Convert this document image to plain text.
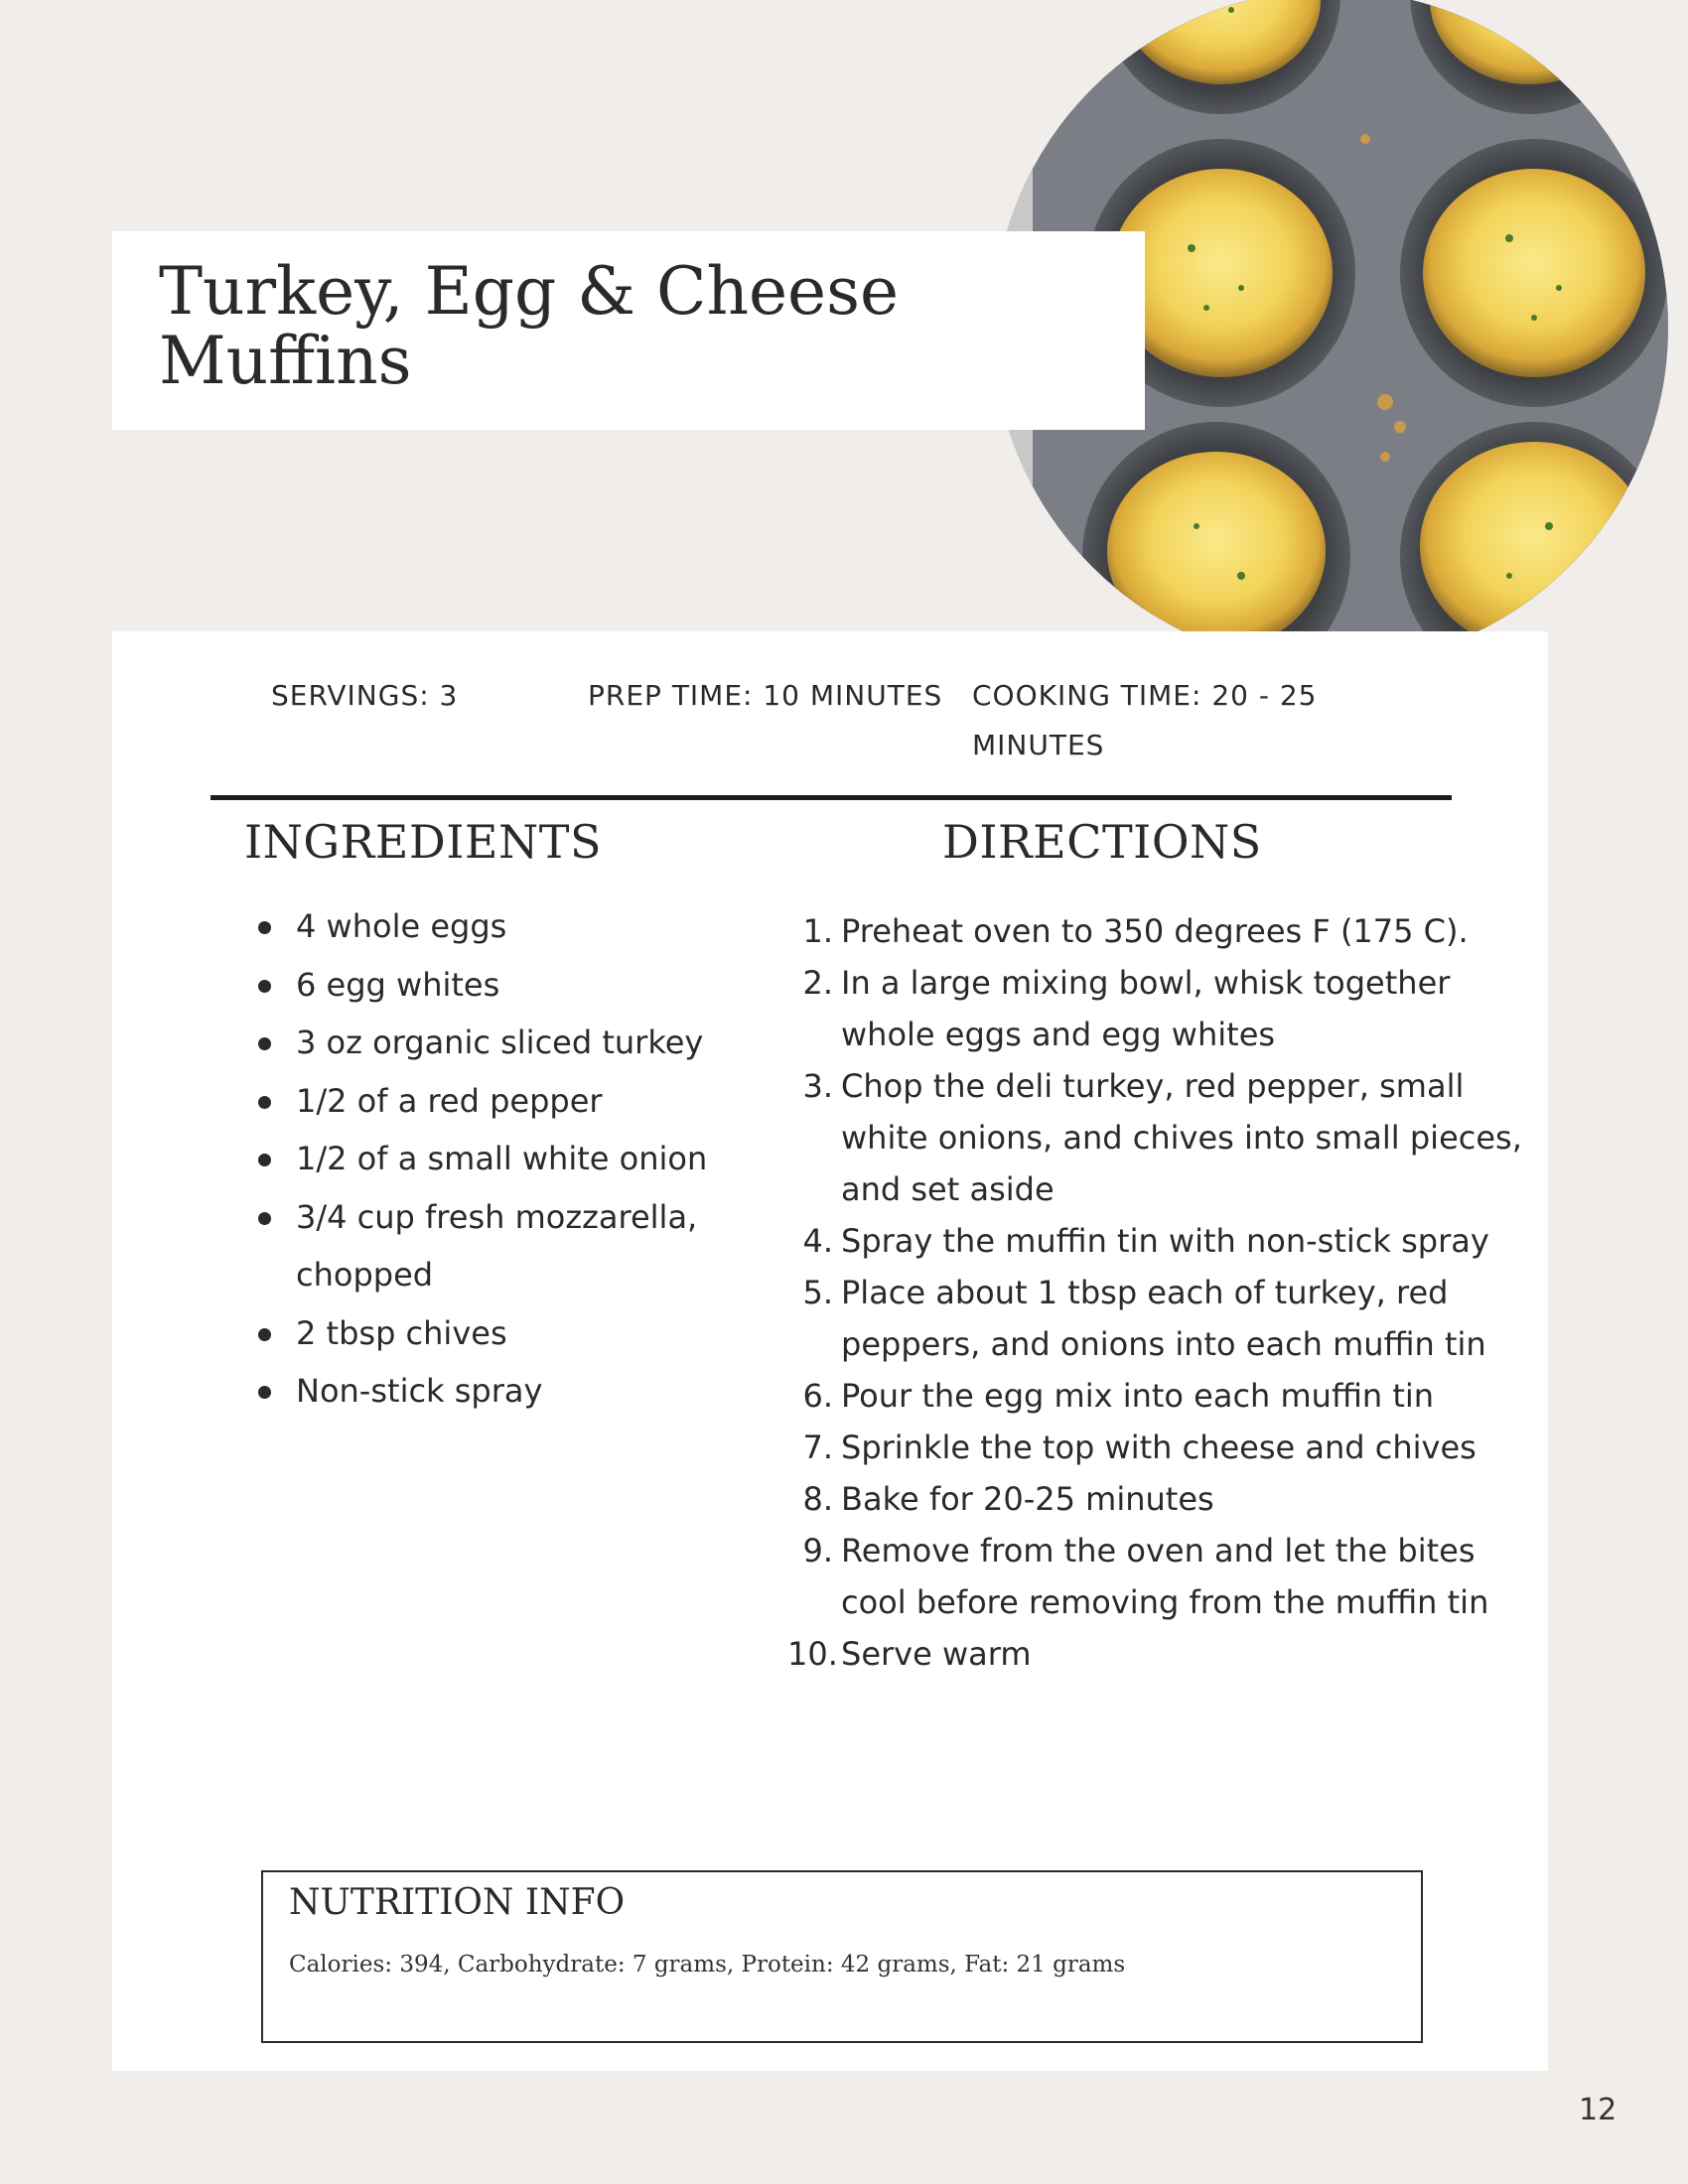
Turkey, Egg & Cheese Muffins

SERVINGS: 3	PREP TIME: 10 MINUTES COOKING TIME: 20 - 25 MINUTES

INGREDIENTS	DIRECTIONS
4 whole eggs
6 egg whites
3 oz organic sliced turkey
1/2 of a red pepper
1/2 of a small white onion
3/4 cup fresh mozzarella, chopped
2 tbsp chives
Non-stick spray
1. Preheat oven to 350 degrees F (175 C).
2. In a large mixing bowl, whisk together whole eggs and egg whites
3. Chop the deli turkey, red pepper, small white onions, and chives into small pieces, and set aside
4. Spray the muffin tin with non-stick spray
5. Place about 1 tbsp each of turkey, red peppers, and onions into each muffin tin
6. Pour the egg mix into each muffin tin
7. Sprinkle the top with cheese and chives
8. Bake for 20-25 minutes
9. Remove from the oven and let the bites cool before removing from the muffin tin
10. Serve warm
NUTRITION INFO

Calories: 394, Carbohydrate: 7 grams, Protein: 42 grams, Fat: 21 grams

12
